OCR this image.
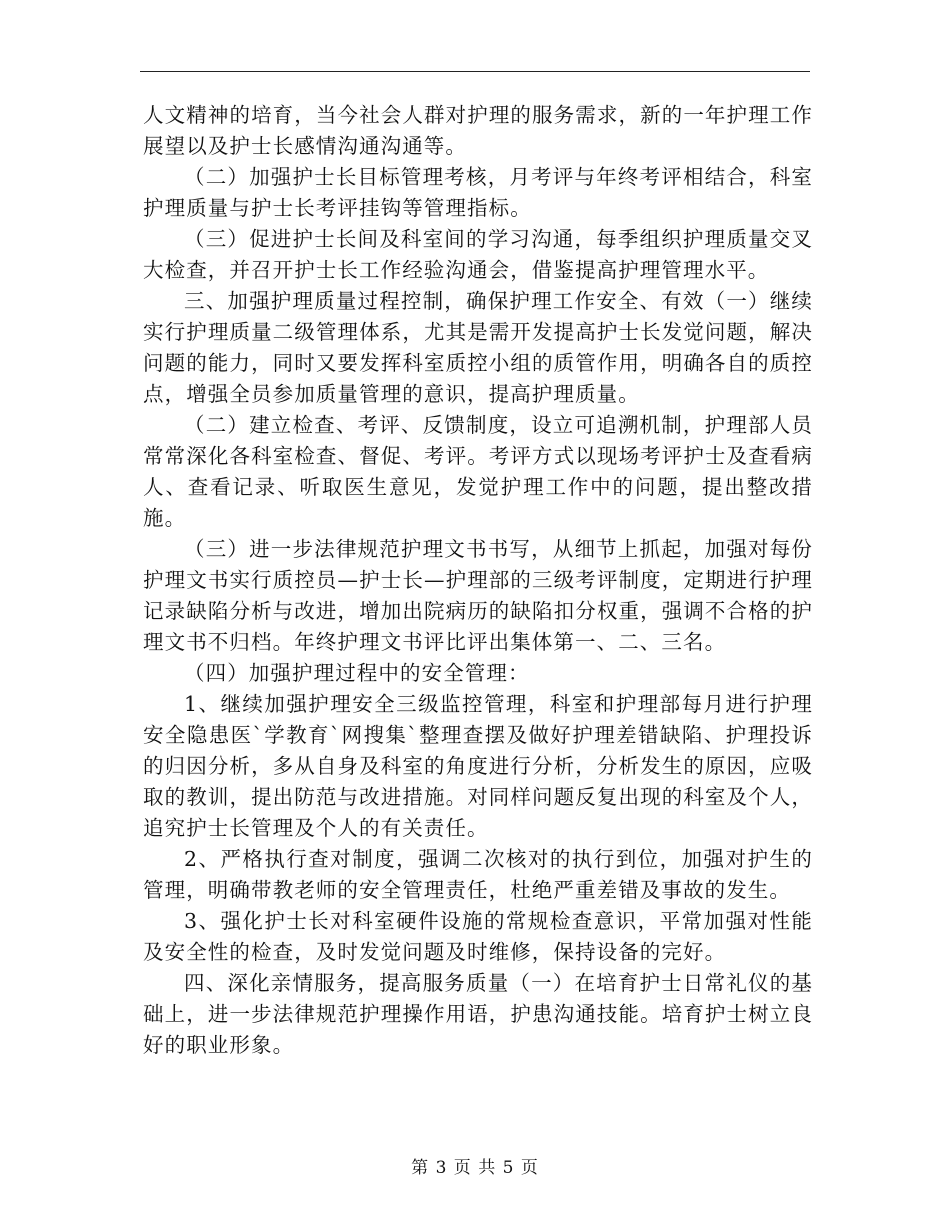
人文精神的培育，当今社会人群对护理的服务需求，新的一年护理工作展望以及护士长感情沟通沟通等。

（二）加强护士长目标管理考核，月考评与年终考评相结合，科室护理质量与护士长考评挂钩等管理指标。

（三）促进护士长间及科室间的学习沟通，每季组织护理质量交叉大检查，并召开护士长工作经验沟通会，借鉴提高护理管理水平。

三、加强护理质量过程控制，确保护理工作安全、有效（一）继续实行护理质量二级管理体系，尤其是需开发提高护士长发觉问题，解决问题的能力，同时又要发挥科室质控小组的质管作用，明确各自的质控点，增强全员参加质量管理的意识，提高护理质量。

（二）建立检查、考评、反馈制度，设立可追溯机制，护理部人员常常深化各科室检查、督促、考评。考评方式以现场考评护士及查看病人、查看记录、听取医生意见，发觉护理工作中的问题，提出整改措施。

（三）进一步法律规范护理文书书写，从细节上抓起，加强对每份护理文书实行质控员—护士长—护理部的三级考评制度，定期进行护理记录缺陷分析与改进，增加出院病历的缺陷扣分权重，强调不合格的护理文书不归档。年终护理文书评比评出集体第一、二、三名。

（四）加强护理过程中的安全管理：

1、继续加强护理安全三级监控管理，科室和护理部每月进行护理安全隐患医`学教育`网搜集`整理查摆及做好护理差错缺陷、护理投诉的归因分析，多从自身及科室的角度进行分析，分析发生的原因，应吸取的教训，提出防范与改进措施。对同样问题反复出现的科室及个人，追究护士长管理及个人的有关责任。

2、严格执行查对制度，强调二次核对的执行到位，加强对护生的管理，明确带教老师的安全管理责任，杜绝严重差错及事故的发生。

3、强化护士长对科室硬件设施的常规检查意识，平常加强对性能及安全性的检查，及时发觉问题及时维修，保持设备的完好。

四、深化亲情服务，提高服务质量（一）在培育护士日常礼仪的基础上，进一步法律规范护理操作用语，护患沟通技能。培育护士树立良好的职业形象。

第 3 页 共 5 页
